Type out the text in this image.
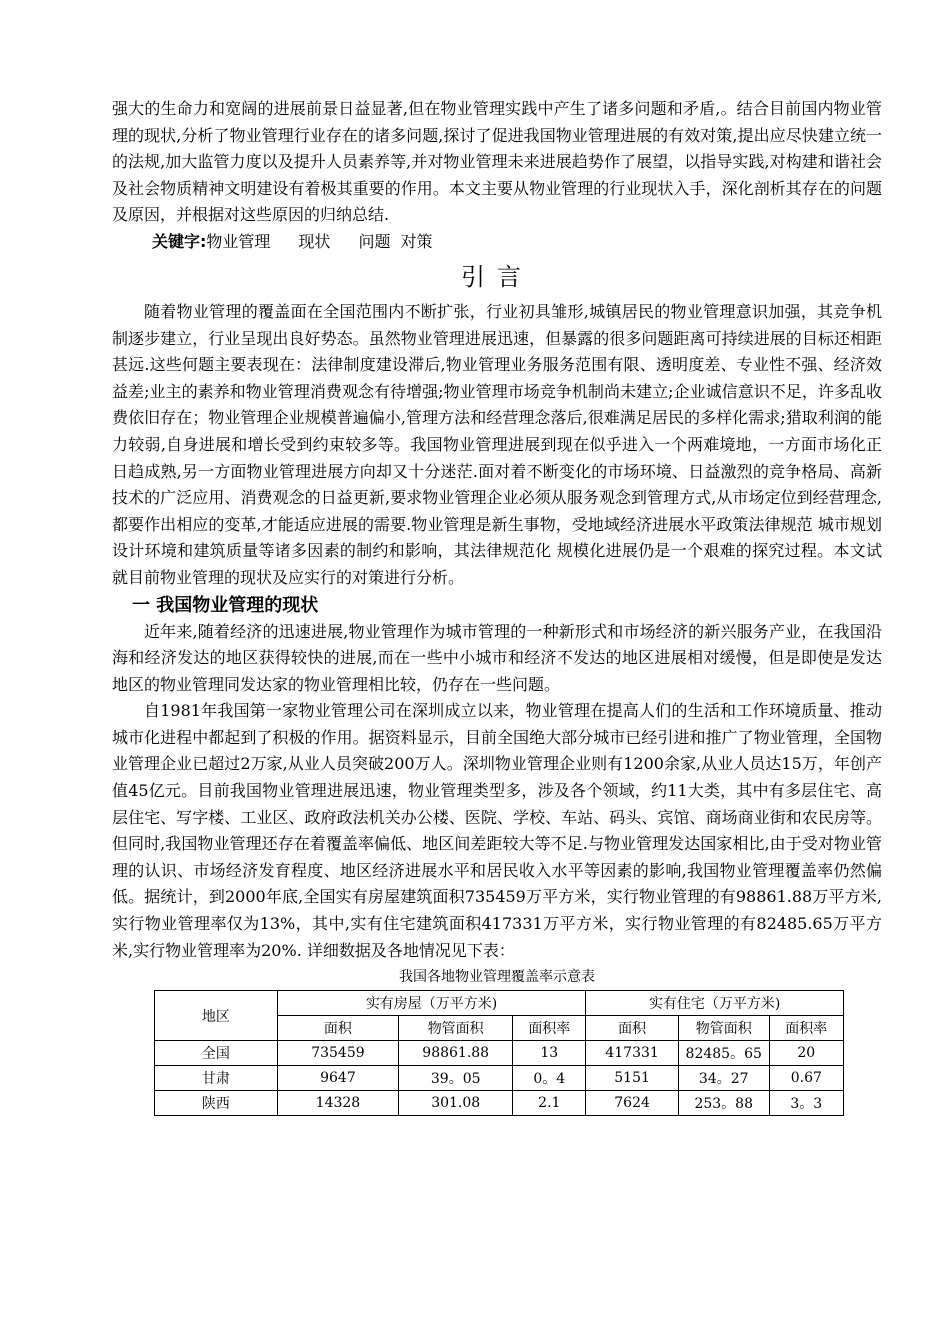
强大的生命力和宽阔的进展前景日益显著,但在物业管理实践中产生了诸多问题和矛盾,。结合目前国内物业管理的现状,分析了物业管理行业存在的诸多问题,探讨了促进我国物业管理进展的有效对策,提出应尽快建立统一的法规,加大监管力度以及提升人员素养等,并对物业管理未来进展趋势作了展望，以指导实践,对构建和谐社会及社会物质精神文明建设有着极其重要的作用。本文主要从物业管理的行业现状入手，深化剖析其存在的问题及原因，并根据对这些原因的归纳总结.

关键字:物业管理 现状 问题 对策

引言

随着物业管理的覆盖面在全国范围内不断扩张，行业初具雏形,城镇居民的物业管理意识加强，其竞争机制逐步建立，行业呈现出良好势态。虽然物业管理进展迅速，但暴露的很多问题距离可持续进展的目标还相距甚远.这些何题主要表现在：法律制度建设滞后,物业管理业务服务范围有限、透明度差、专业性不强、经济效益差;业主的素养和物业管理消费观念有待增强;物业管理市场竞争机制尚未建立;企业诚信意识不足，许多乱收费依旧存在；物业管理企业规模普遍偏小,管理方法和经营理念落后,很难满足居民的多样化需求;猎取利润的能力较弱,自身进展和增长受到约束较多等。我国物业管理进展到现在似乎进入一个两难境地，一方面市场化正日趋成熟,另一方面物业管理进展方向却又十分迷茫.面对着不断变化的市场环境、日益激烈的竞争格局、高新技术的广泛应用、消费观念的日益更新,要求物业管理企业必须从服务观念到管理方式,从市场定位到经营理念,都要作出相应的变革,才能适应进展的需要.物业管理是新生事物，受地域经济进展水平政策法律规范 城市规划 设计环境和建筑质量等诸多因素的制约和影响，其法律规范化 规模化进展仍是一个艰难的探究过程。本文试就目前物业管理的现状及应实行的对策进行分析。

一 我国物业管理的现状

近年来,随着经济的迅速进展,物业管理作为城市管理的一种新形式和市场经济的新兴服务产业，在我国沿海和经济发达的地区获得较快的进展,而在一些中小城市和经济不发达的地区进展相对缓慢，但是即使是发达地区的物业管理同发达家的物业管理相比较，仍存在一些问题。

自1981年我国第一家物业管理公司在深圳成立以来，物业管理在提高人们的生活和工作环境质量、推动城市化进程中都起到了积极的作用。据资料显示，目前全国绝大部分城市已经引进和推广了物业管理，全国物业管理企业已超过2万家,从业人员突破200万人。深圳物业管理企业则有1200余家,从业人员达15万，年创产值45亿元。目前我国物业管理进展迅速，物业管理类型多，涉及各个领域，约11大类，其中有多层住宅、高层住宅、写字楼、工业区、政府政法机关办公楼、医院、学校、车站、码头、宾馆、商场商业街和农民房等。但同时,我国物业管理还存在着覆盖率偏低、地区间差距较大等不足.与物业管理发达国家相比,由于受对物业管理的认识、市场经济发育程度、地区经济进展水平和居民收入水平等因素的影响,我国物业管理覆盖率仍然偏低。据统计，到2000年底,全国实有房屋建筑面积735459万平方米，实行物业管理的有98861.88万平方米,实行物业管理率仅为13%，其中,实有住宅建筑面积417331万平方米，实行物业管理的有82485.65万平方米,实行物业管理率为20%. 详细数据及各地情况见下表：

我国各地物业管理覆盖率示意表
地区	实有房屋（万平方米)			实有住宅（万平方米)		
	面积	物管面积	面积率	面积	物管面积	面积率
全国	735459	98861.88	13	417331	82485。65	20
甘肃	9647	39。05	0。4	5151	34。27	0.67
陕西	14328	301.08	2.1	7624	253。88	3。3
